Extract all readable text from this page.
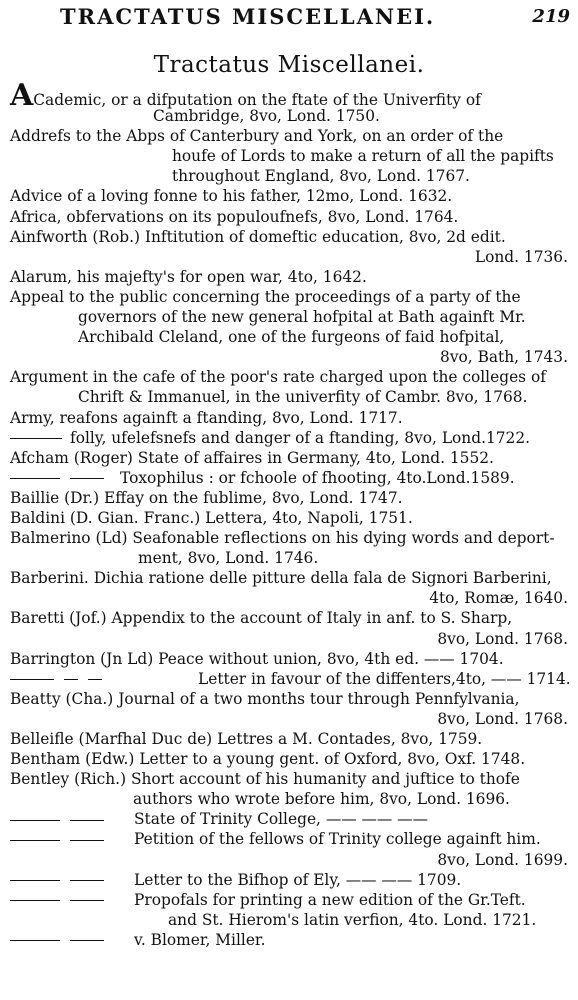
TRACTATUS MISCELLANEI.	219
Tractatus Miscellanei.
ACademic, or a difputation on the ftate of the Univerfity of
Cambridge, 8vo, Lond. 1750.
Addrefs to the Abps of Canterbury and York, on an order of the
houfe of Lords to make a return of all the papifts
throughout England, 8vo, Lond. 1767.
Advice of a loving fonne to his father, 12mo, Lond. 1632.
Africa, obfervations on its populoufnefs, 8vo, Lond. 1764.
Ainfworth (Rob.) Inftitution of domeftic education, 8vo, 2d edit.
Lond. 1736.
Alarum, his majefty's for open war, 4to, 1642.
Appeal to the public concerning the proceedings of a party of the
governors of the new general hofpital at Bath againft Mr.
Archibald Cleland, one of the furgeons of faid hofpital,
8vo, Bath, 1743.
Argument in the cafe of the poor's rate charged upon the colleges of
Chrift & Immanuel, in the univerfity of Cambr. 8vo, 1768.
Army, reafons againft a ftanding, 8vo, Lond. 1717.
folly, ufelefsnefs and danger of a ftanding, 8vo, Lond.1722.
Afcham (Roger) State of affaires in Germany, 4to, Lond. 1552.
Toxophilus : or fchoole of fhooting, 4to.Lond.1589.
Baillie (Dr.) Effay on the fublime, 8vo, Lond. 1747.
Baldini (D. Gian. Franc.) Lettera, 4to, Napoli, 1751.
Balmerino (Ld) Seafonable reflections on his dying words and deport-
ment, 8vo, Lond. 1746.
Barberini. Dichia ratione delle pitture della fala de Signori Barberini,
4to, Romæ, 1640.
Baretti (Jof.) Appendix to the account of Italy in anf. to S. Sharp,
8vo, Lond. 1768.
Barrington (Jn Ld) Peace without union, 8vo, 4th ed. —— 1704.
Letter in favour of the diffenters,4to, —— 1714.
Beatty (Cha.) Journal of a two months tour through Pennfylvania,
8vo, Lond. 1768.
Belleifle (Marfhal Duc de) Lettres a M. Contades, 8vo, 1759.
Bentham (Edw.) Letter to a young gent. of Oxford, 8vo, Oxf. 1748.
Bentley (Rich.) Short account of his humanity and juftice to thofe
authors who wrote before him, 8vo, Lond. 1696.
State of Trinity College, —— —— ——
Petition of the fellows of Trinity college againft him.
8vo, Lond. 1699.
Letter to the Bifhop of Ely, —— —— 1709.
Propofals for printing a new edition of the Gr.Teft.
and St. Hierom's latin verfion, 4to. Lond. 1721.
v. Blomer, Miller.
